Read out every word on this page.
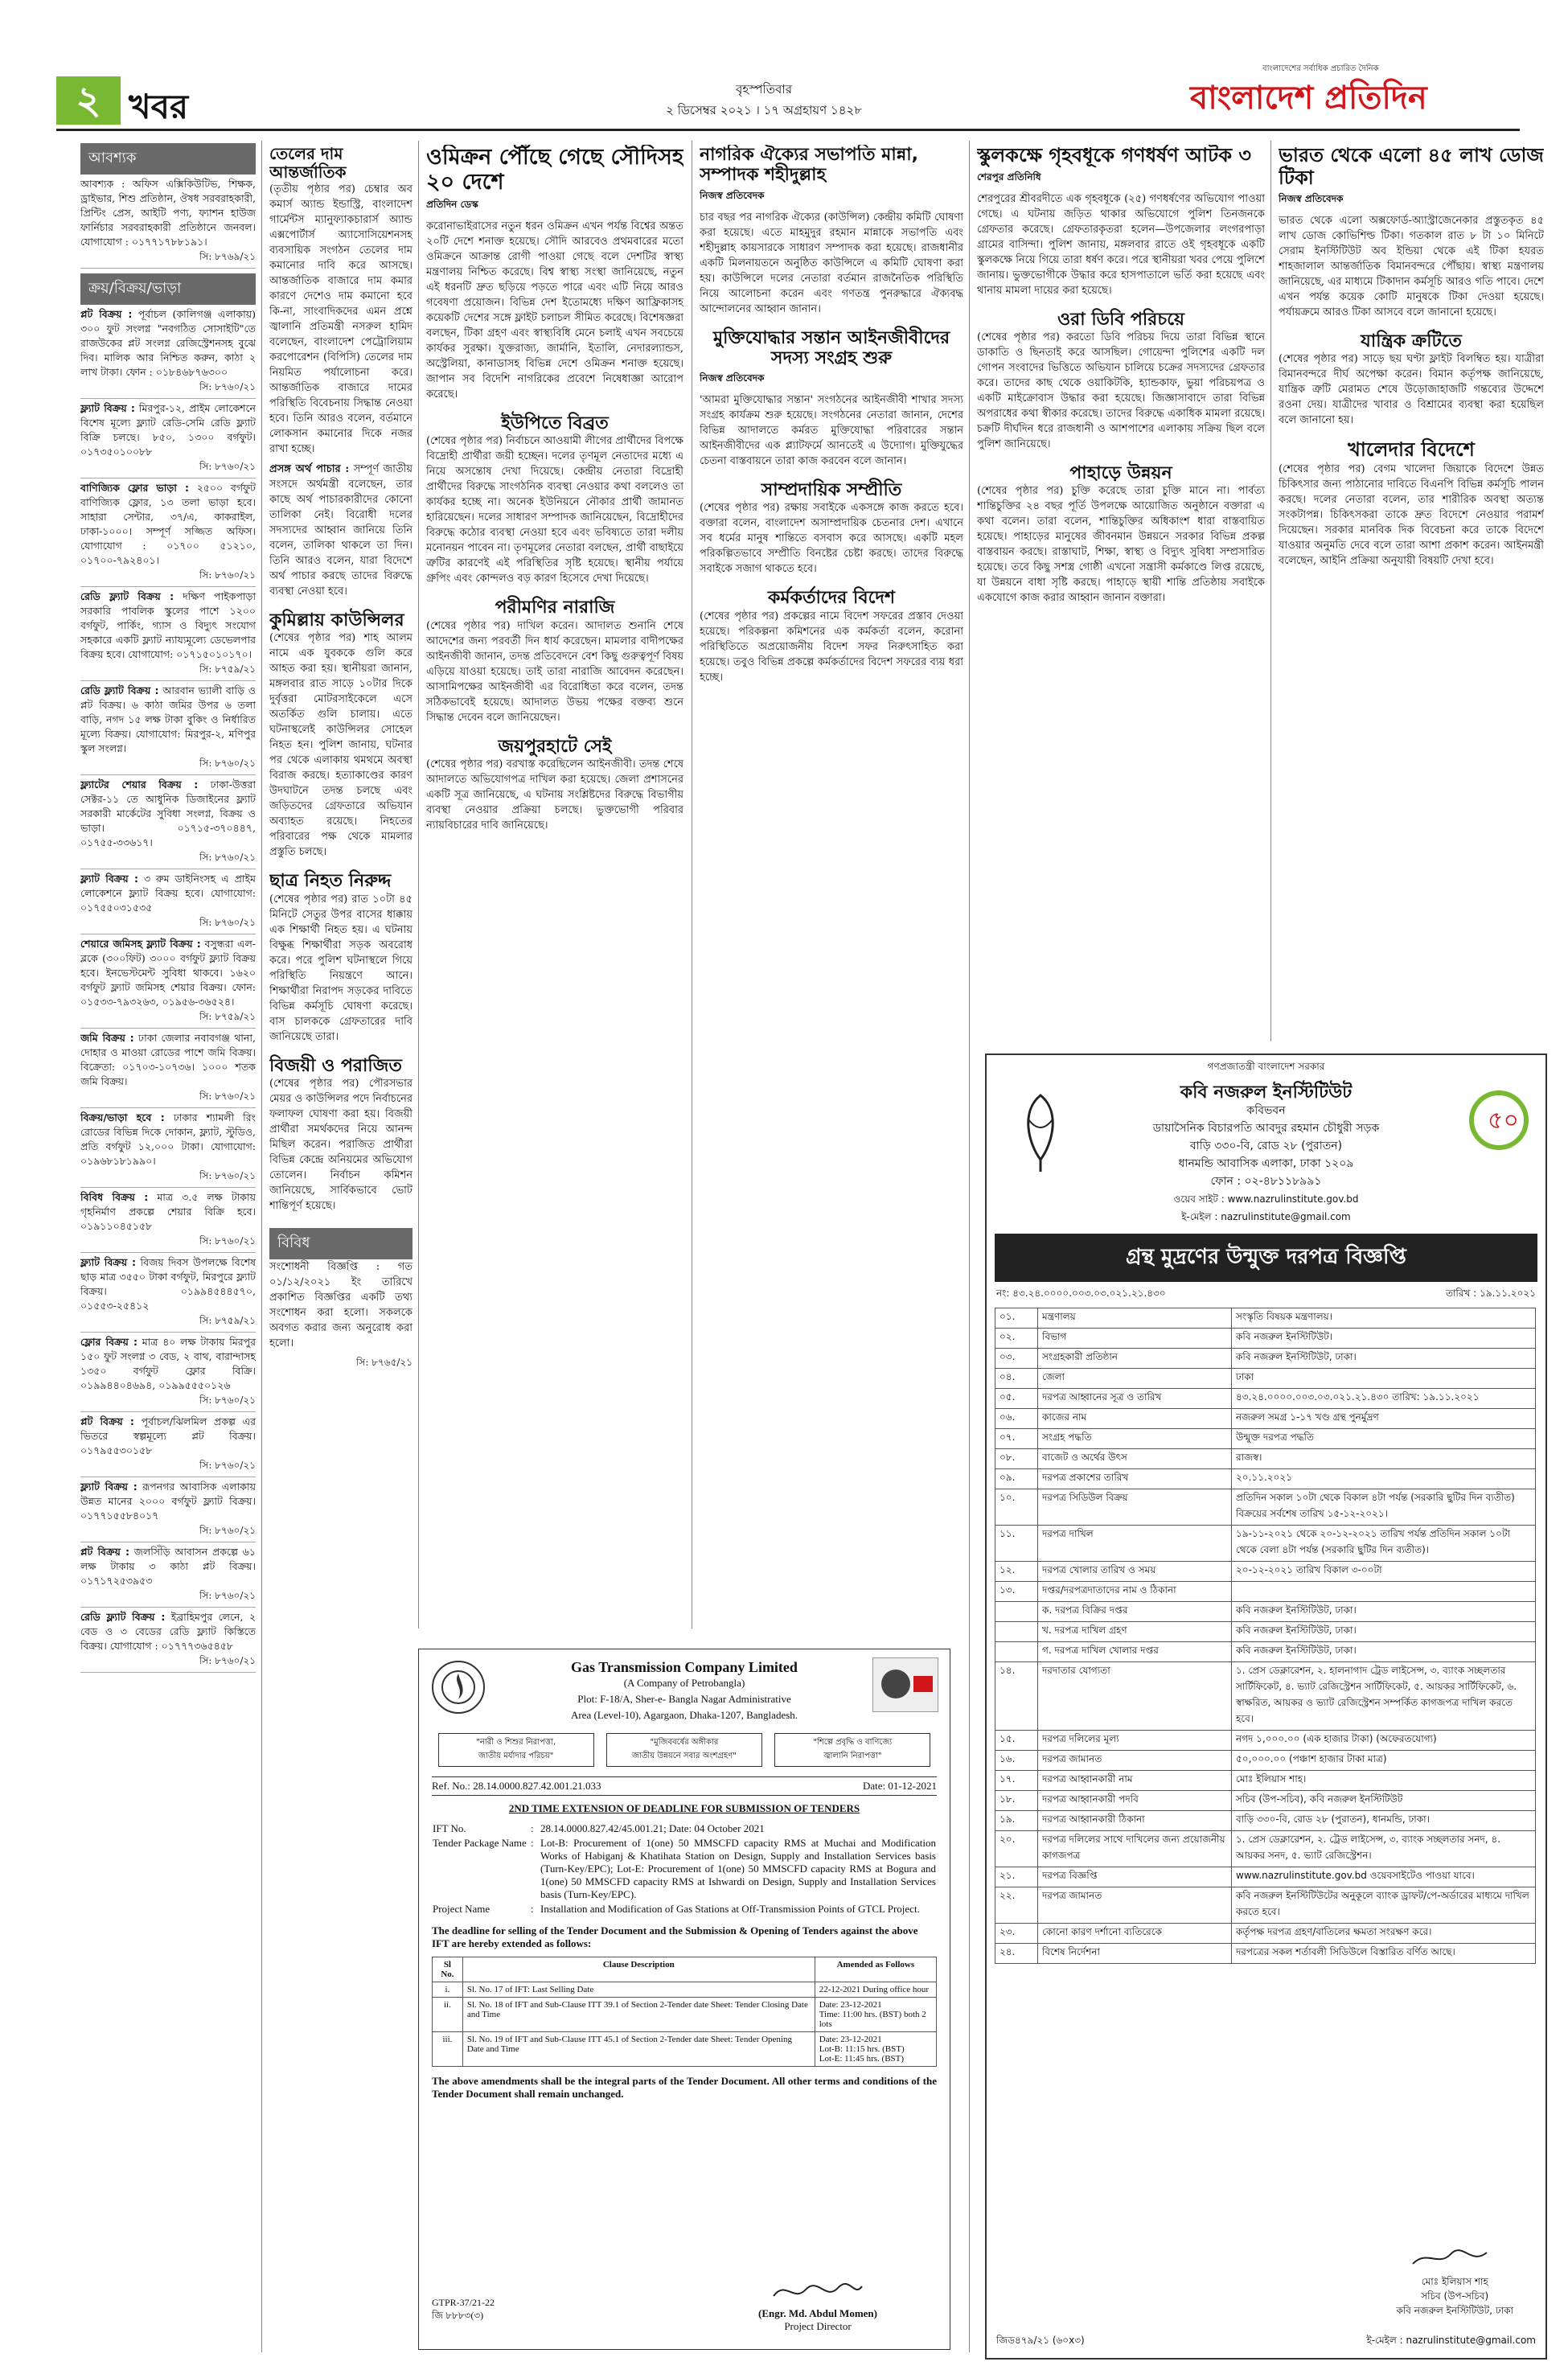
২ খবর	বৃহস্পতিবার
২ ডিসেম্বর ২০২১ । ১৭ অগ্রহায়ণ ১৪২৮
বাংলাদেশের সর্বাধিক প্রচারিত দৈনিক
বাংলাদেশ প্রতিদিন
আবশ্যক
আবশ্যক : অফিস এক্সিকিউটিভ, শিক্ষক, ড্রাইভার, শিশু প্রতিষ্ঠান, ঔষধ সরবরাহকারী, প্রিন্টিং প্রেস, আইটি পণ্য, ফ্যাশন হাউজ ফার্নিচার সরবরাহকারী প্রতিষ্ঠানে জনবল। যোগাযোগ : ০১৭৭১৭৮৮১৯১।
সি: ৮৭৬৯/২১
ক্রয়/বিক্রয়/ভাড়া
প্লট বিক্রয় : পূর্বাচল (কালিগঞ্জ এলাকায়) ৩০০ ফুট সংলগ্ন "নবগঠিত সোসাইটি"তে রাজউকের প্লট সংলগ্ন রেজিস্ট্রেশনসহ বুঝে দিব। মালিক আর নিশ্চিত করুন, কাঠা ২ লাখ টাকা। ফোন : ০১৮৪৬৮৭৬৩০০
সি: ৮৭৬০/২১
ফ্ল্যাট বিক্রয় : মিরপুর-১২, প্রাইম লোকেশনে বিশেষ মূল্যে ফ্ল্যাট রেডি-সেমি রেডি ফ্ল্যাট বিক্রি চলছে। ৮৫০, ১৩০০ বর্গফুট। ০১৭৩৫০১০০৮৮
সি: ৮৭৬০/২১
বাণিজ্যিক ফ্লোর ভাড়া : ২৫০০ বর্গফুট বাণিজ্যিক ফ্লোর, ১৩ তলা ভাড়া হবে। সাহারা সেন্টার, ৩৭/এ, কাকরাইল, ঢাকা-১০০০। সম্পূর্ণ সজ্জিত অফিস। যোগাযোগ : ০১৭০০ ৫১২১০, ০১৭০০-৭৯২৪০১।
সি: ৮৭৬০/২১
রেডি ফ্ল্যাট বিক্রয় : দক্ষিণ পাইকপাড়া সরকারি পাবলিক স্কুলের পাশে ১২০০ বর্গফুট, পার্কিং, গ্যাস ও বিদ্যুৎ সংযোগ সহকারে একটি ফ্ল্যাট ন্যায্যমূল্যে ডেভেলপার বিক্রয় হবে। যোগাযোগ: ০১৭১৫০১০১৭০।
সি: ৮৭৫৯/২১
রেডি ফ্ল্যাট বিক্রয় : আরবান ভ্যালী বাড়ি ও প্লট বিক্রয়। ৬ কাঠা জমির উপর ৬ তলা বাড়ি, নগদ ১৫ লক্ষ টাকা বুকিং ও নির্ধারিত মূল্যে বিক্রয়। যোগাযোগ: মিরপুর-২, মণিপুর স্কুল সংলগ্ন।
সি: ৮৭৬০/২১
ফ্ল্যাটের শেয়ার বিক্রয় : ঢাকা-উত্তরা সেক্টর-১১ তে আধুনিক ডিজাইনের ফ্ল্যাট সরকারী মার্কেটের সুবিধা সংলগ্ন, বিক্রয় ও ভাড়া। ০১৭১৫-৩৭০৪৪৭, ০১৭৫৫-৩৩৬১৭।
সি: ৮৭৬০/২১
ফ্ল্যাট বিক্রয় : ৩ রুম ডাইনিংসহ এ প্রাইম লোকেশনে ফ্ল্যাট বিক্রয় হবে। যোগাযোগ: ০১৭৫৫০৩১৫৩৫
সি: ৮৭৬০/২১
শেয়ারে জমিসহ ফ্ল্যাট বিক্রয় : বসুন্ধরা এল-ব্লকে (৩০০ফিট) ৩০০০ বর্গফুট ফ্ল্যাট বিক্রয় হবে। ইনভেস্টমেন্ট সুবিধা থাকবে। ১৬২০ বর্গফুট ফ্ল্যাট জমিসহ শেয়ার বিক্রয়। ফোন: ০১৫৩৩-৭৯৩২৬৩, ০১৯৫৬-৩৬৫২৪।
সি: ৮৭৫৯/২১
জমি বিক্রয় : ঢাকা জেলার নবাবগঞ্জ থানা, দোহার ও মাওয়া রোডের পাশে জমি বিক্রয়। বিক্রেতা: ০১৭০৩-১০৭৩৬। ১০০০ শতক জমি বিক্রয়।
সি: ৮৭৬০/২১
বিক্রয়/ভাড়া হবে : ঢাকার শ্যামলী রিং রোডের বিভিন্ন দিকে দোকান, ফ্ল্যাট, স্টুডিও, প্রতি বর্গফুট ১২,০০০ টাকা। যোগাযোগ: ০১৯৬৮১৮১৯৯০।
সি: ৮৭৬০/২১
বিবিধ বিক্রয় : মাত্র ৩.৫ লক্ষ টাকায় গৃহনির্মাণ প্রকল্পে শেয়ার বিক্রি হবে। ০১৯১১০৪৫১৫৮
সি: ৮৭৬০/২১
ফ্ল্যাট বিক্রয় : বিজয় দিবস উপলক্ষে বিশেষ ছাড় মাত্র ৩৫৫০ টাকা বর্গফুট, মিরপুরে ফ্ল্যাট বিক্রয়। ০১৯৯৪৫৪৪৫৭০, ০১৫৫৩-২৫৪১২
সি: ৮৭৫৯/২১
ফ্লোর বিক্রয় : মাত্র ৪০ লক্ষ টাকায় মিরপুর ১৫০ ফুট সংলগ্ন ৩ বেড, ২ বাথ, বারান্দাসহ ১৩৫০ বর্গফুট ফ্লোর বিক্রি। ০১৯৯৪৪০৪৬৯৪, ০১৯৯৫৫৫০১২৬
সি: ৮৭৬০/২১
প্লট বিক্রয় : পূর্বাচল/ঝিলমিল প্রকল্প এর ভিতরে স্বল্পমূল্যে প্লট বিক্রয়। ০১৭৯৫৫৩০১৫৮
সি: ৮৭৬০/২১
ফ্ল্যাট বিক্রয় : রূপনগর আবাসিক এলাকায় উন্নত মানের ২০০০ বর্গফুট ফ্ল্যাট বিক্রয়। ০১৭৭১৫৫৮৪০১৭
সি: ৮৭৬০/২১
প্লট বিক্রয় : জলসিঁড়ি আবাসন প্রকল্পে ৬১ লক্ষ টাকায় ৩ কাঠা প্লট বিক্রয়। ০১৭১৭২৫৩৯৫৩
সি: ৮৭৬০/২১
রেডি ফ্ল্যাট বিক্রয় : ইব্রাহিমপুর লেনে, ২ বেড ও ৩ বেডের রেডি ফ্ল্যাট কিস্তিতে বিক্রয়। যোগাযোগ : ০১৭৭৭৩৬৫৪৫৮
সি: ৮৭৬০/২১
তেলের দাম আন্তর্জাতিক

(তৃতীয় পৃষ্ঠার পর) চেম্বার অব কমার্স অ্যান্ড ইন্ডাস্ট্রি, বাংলাদেশ গার্মেন্টস ম্যানুফ্যাকচারার্স অ্যান্ড এক্সপোর্টার্স অ্যাসোসিয়েশনসহ ব্যবসায়িক সংগঠন তেলের দাম কমানোর দাবি করে আসছে। আন্তর্জাতিক বাজারে দাম কমার কারণে দেশেও দাম কমানো হবে কি-না, সাংবাদিকদের এমন প্রশ্নে জ্বালানি প্রতিমন্ত্রী নসরুল হামিদ বলেছেন, বাংলাদেশ পেট্রোলিয়াম করপোরেশন (বিপিসি) তেলের দাম নিয়মিত পর্যালোচনা করে। আন্তর্জাতিক বাজারে দামের পরিস্থিতি বিবেচনায় সিদ্ধান্ত নেওয়া হবে। তিনি আরও বলেন, বর্তমানে লোকসান কমানোর দিকে নজর রাখা হচ্ছে।

প্রসঙ্গ অর্থ পাচার : সম্পূর্ণ জাতীয় সংসদে অর্থমন্ত্রী বলেছেন, তার কাছে অর্থ পাচারকারীদের কোনো তালিকা নেই। বিরোধী দলের সদস্যদের আহ্বান জানিয়ে তিনি বলেন, তালিকা থাকলে তা দিন। তিনি আরও বলেন, যারা বিদেশে অর্থ পাচার করছে তাদের বিরুদ্ধে ব্যবস্থা নেওয়া হবে।

কুমিল্লায় কাউন্সিলর

(শেষের পৃষ্ঠার পর) শাহ আলম নামে এক যুবককে গুলি করে আহত করা হয়। স্থানীয়রা জানান, মঙ্গলবার রাত সাড়ে ১০টার দিকে দুর্বৃত্তরা মোটরসাইকেলে এসে অতর্কিত গুলি চালায়। এতে ঘটনাস্থলেই কাউন্সিলর সোহেল নিহত হন। পুলিশ জানায়, ঘটনার পর থেকে এলাকায় থমথমে অবস্থা বিরাজ করছে। হত্যাকাণ্ডের কারণ উদঘাটনে তদন্ত চলছে এবং জড়িতদের গ্রেফতারে অভিযান অব্যাহত রয়েছে। নিহতের পরিবারের পক্ষ থেকে মামলার প্রস্তুতি চলছে।

ছাত্র নিহত নিরুদ্দ

(শেষের পৃষ্ঠার পর) রাত ১০টা ৪৫ মিনিটে সেতুর উপর বাসের ধাক্কায় এক শিক্ষার্থী নিহত হয়। এ ঘটনায় বিক্ষুব্ধ শিক্ষার্থীরা সড়ক অবরোধ করে। পরে পুলিশ ঘটনাস্থলে গিয়ে পরিস্থিতি নিয়ন্ত্রণে আনে। শিক্ষার্থীরা নিরাপদ সড়কের দাবিতে বিভিন্ন কর্মসূচি ঘোষণা করেছে। বাস চালককে গ্রেফতারের দাবি জানিয়েছে তারা।

বিজয়ী ও পরাজিত

(শেষের পৃষ্ঠার পর) পৌরসভার মেয়র ও কাউন্সিলর পদে নির্বাচনের ফলাফল ঘোষণা করা হয়। বিজয়ী প্রার্থীরা সমর্থকদের নিয়ে আনন্দ মিছিল করেন। পরাজিত প্রার্থীরা বিভিন্ন কেন্দ্রে অনিয়মের অভিযোগ তোলেন। নির্বাচন কমিশন জানিয়েছে, সার্বিকভাবে ভোট শান্তিপূর্ণ হয়েছে।

বিবিধ

সংশোধনী বিজ্ঞপ্তি : গত ০১/১২/২০২১ ইং তারিখে প্রকাশিত বিজ্ঞপ্তির একটি তথ্য সংশোধন করা হলো। সকলকে অবগত করার জন্য অনুরোধ করা হলো।

সি: ৮৭৬৫/২১
ওমিক্রন পৌঁছে গেছে সৌদিসহ ২০ দেশে
প্রতিদিন ডেস্ক

করোনাভাইরাসের নতুন ধরন ওমিক্রন এখন পর্যন্ত বিশ্বের অন্তত ২০টি দেশে শনাক্ত হয়েছে। সৌদি আরবেও প্রথমবারের মতো ওমিক্রনে আক্রান্ত রোগী পাওয়া গেছে বলে দেশটির স্বাস্থ্য মন্ত্রণালয় নিশ্চিত করেছে। বিশ্ব স্বাস্থ্য সংস্থা জানিয়েছে, নতুন এই ধরনটি দ্রুত ছড়িয়ে পড়তে পারে এবং এটি নিয়ে আরও গবেষণা প্রয়োজন। বিভিন্ন দেশ ইতোমধ্যে দক্ষিণ আফ্রিকাসহ কয়েকটি দেশের সঙ্গে ফ্লাইট চলাচল সীমিত করেছে। বিশেষজ্ঞরা বলছেন, টিকা গ্রহণ এবং স্বাস্থ্যবিধি মেনে চলাই এখন সবচেয়ে কার্যকর সুরক্ষা। যুক্তরাজ্য, জার্মানি, ইতালি, নেদারল্যান্ডস, অস্ট্রেলিয়া, কানাডাসহ বিভিন্ন দেশে ওমিক্রন শনাক্ত হয়েছে। জাপান সব বিদেশি নাগরিকের প্রবেশে নিষেধাজ্ঞা আরোপ করেছে।

ইউপিতে বিব্রত

(শেষের পৃষ্ঠার পর) নির্বাচনে আওয়ামী লীগের প্রার্থীদের বিপক্ষে বিদ্রোহী প্রার্থীরা জয়ী হচ্ছেন। দলের তৃণমূল নেতাদের মধ্যে এ নিয়ে অসন্তোষ দেখা দিয়েছে। কেন্দ্রীয় নেতারা বিদ্রোহী প্রার্থীদের বিরুদ্ধে সাংগঠনিক ব্যবস্থা নেওয়ার কথা বললেও তা কার্যকর হচ্ছে না। অনেক ইউনিয়নে নৌকার প্রার্থী জামানত হারিয়েছেন। দলের সাধারণ সম্পাদক জানিয়েছেন, বিদ্রোহীদের বিরুদ্ধে কঠোর ব্যবস্থা নেওয়া হবে এবং ভবিষ্যতে তারা দলীয় মনোনয়ন পাবেন না। তৃণমূলের নেতারা বলছেন, প্রার্থী বাছাইয়ে ত্রুটির কারণেই এই পরিস্থিতির সৃষ্টি হয়েছে। স্থানীয় পর্যায়ে গ্রুপিং এবং কোন্দলও বড় কারণ হিসেবে দেখা দিয়েছে।

পরীমণির নারাজি

(শেষের পৃষ্ঠার পর) দাখিল করেন। আদালত শুনানি শেষে আদেশের জন্য পরবর্তী দিন ধার্য করেছেন। মামলার বাদীপক্ষের আইনজীবী জানান, তদন্ত প্রতিবেদনে বেশ কিছু গুরুত্বপূর্ণ বিষয় এড়িয়ে যাওয়া হয়েছে। তাই তারা নারাজি আবেদন করেছেন। আসামিপক্ষের আইনজীবী এর বিরোধিতা করে বলেন, তদন্ত সঠিকভাবেই হয়েছে। আদালত উভয় পক্ষের বক্তব্য শুনে সিদ্ধান্ত দেবেন বলে জানিয়েছেন।

জয়পুরহাটে সেই

(শেষের পৃষ্ঠার পর) বরখাস্ত করেছিলেন আইনজীবী। তদন্ত শেষে আদালতে অভিযোগপত্র দাখিল করা হয়েছে। জেলা প্রশাসনের একটি সূত্র জানিয়েছে, এ ঘটনায় সংশ্লিষ্টদের বিরুদ্ধে বিভাগীয় ব্যবস্থা নেওয়ার প্রক্রিয়া চলছে। ভুক্তভোগী পরিবার ন্যায়বিচারের দাবি জানিয়েছে।

নাগরিক ঐক্যের সভাপতি মান্না, সম্পাদক শহীদুল্লাহ
নিজস্ব প্রতিবেদক

চার বছর পর নাগরিক ঐক্যের (কাউন্সিল) কেন্দ্রীয় কমিটি ঘোষণা করা হয়েছে। এতে মাহমুদুর রহমান মান্নাকে সভাপতি এবং শহীদুল্লাহ কায়সারকে সাধারণ সম্পাদক করা হয়েছে। রাজধানীর একটি মিলনায়তনে অনুষ্ঠিত কাউন্সিলে এ কমিটি ঘোষণা করা হয়। কাউন্সিলে দলের নেতারা বর্তমান রাজনৈতিক পরিস্থিতি নিয়ে আলোচনা করেন এবং গণতন্ত্র পুনরুদ্ধারে ঐক্যবদ্ধ আন্দোলনের আহ্বান জানান।

মুক্তিযোদ্ধার সন্তান আইনজীবীদের সদস্য সংগ্রহ শুরু
নিজস্ব প্রতিবেদক

'আমরা মুক্তিযোদ্ধার সন্তান' সংগঠনের আইনজীবী শাখার সদস্য সংগ্রহ কার্যক্রম শুরু হয়েছে। সংগঠনের নেতারা জানান, দেশের বিভিন্ন আদালতে কর্মরত মুক্তিযোদ্ধা পরিবারের সন্তান আইনজীবীদের এক প্ল্যাটফর্মে আনতেই এ উদ্যোগ। মুক্তিযুদ্ধের চেতনা বাস্তবায়নে তারা কাজ করবেন বলে জানান।

সাম্প্রদায়িক সম্প্রীতি

(শেষের পৃষ্ঠার পর) রক্ষায় সবাইকে একসঙ্গে কাজ করতে হবে। বক্তারা বলেন, বাংলাদেশ অসাম্প্রদায়িক চেতনার দেশ। এখানে সব ধর্মের মানুষ শান্তিতে বসবাস করে আসছে। একটি মহল পরিকল্পিতভাবে সম্প্রীতি বিনষ্টের চেষ্টা করছে। তাদের বিরুদ্ধে সবাইকে সজাগ থাকতে হবে।

কর্মকর্তাদের বিদেশ

(শেষের পৃষ্ঠার পর) প্রকল্পের নামে বিদেশ সফরের প্রস্তাব দেওয়া হয়েছে। পরিকল্পনা কমিশনের এক কর্মকর্তা বলেন, করোনা পরিস্থিতিতে অপ্রয়োজনীয় বিদেশ সফর নিরুৎসাহিত করা হয়েছে। তবুও বিভিন্ন প্রকল্পে কর্মকর্তাদের বিদেশ সফরের ব্যয় ধরা হচ্ছে।

স্কুলকক্ষে গৃহবধূকে গণধর্ষণ আটক ৩
শেরপুর প্রতিনিধি

শেরপুরের শ্রীবরদীতে এক গৃহবধূকে (২৫) গণধর্ষণের অভিযোগ পাওয়া গেছে। এ ঘটনায় জড়িত থাকার অভিযোগে পুলিশ তিনজনকে গ্রেফতার করেছে। গ্রেফতারকৃতরা হলেন—উপজেলার লংগরপাড়া গ্রামের বাসিন্দা। পুলিশ জানায়, মঙ্গলবার রাতে ওই গৃহবধূকে একটি স্কুলকক্ষে নিয়ে গিয়ে তারা ধর্ষণ করে। পরে স্থানীয়রা খবর পেয়ে পুলিশে জানায়। ভুক্তভোগীকে উদ্ধার করে হাসপাতালে ভর্তি করা হয়েছে এবং থানায় মামলা দায়ের করা হয়েছে।

ওরা ডিবি পরিচয়ে

(শেষের পৃষ্ঠার পর) করতো ডিবি পরিচয় দিয়ে তারা বিভিন্ন স্থানে ডাকাতি ও ছিনতাই করে আসছিল। গোয়েন্দা পুলিশের একটি দল গোপন সংবাদের ভিত্তিতে অভিযান চালিয়ে চক্রের সদস্যদের গ্রেফতার করে। তাদের কাছ থেকে ওয়াকিটকি, হ্যান্ডকাফ, ভুয়া পরিচয়পত্র ও একটি মাইক্রোবাস উদ্ধার করা হয়েছে। জিজ্ঞাসাবাদে তারা বিভিন্ন অপরাধের কথা স্বীকার করেছে। তাদের বিরুদ্ধে একাধিক মামলা রয়েছে। চক্রটি দীর্ঘদিন ধরে রাজধানী ও আশপাশের এলাকায় সক্রিয় ছিল বলে পুলিশ জানিয়েছে।

পাহাড়ে উন্নয়ন

(শেষের পৃষ্ঠার পর) চুক্তি করেছে তারা চুক্তি মানে না। পার্বত্য শান্তিচুক্তির ২৪ বছর পূর্তি উপলক্ষে আয়োজিত অনুষ্ঠানে বক্তারা এ কথা বলেন। তারা বলেন, শান্তিচুক্তির অধিকাংশ ধারা বাস্তবায়িত হয়েছে। পাহাড়ের মানুষের জীবনমান উন্নয়নে সরকার বিভিন্ন প্রকল্প বাস্তবায়ন করছে। রাস্তাঘাট, শিক্ষা, স্বাস্থ্য ও বিদ্যুৎ সুবিধা সম্প্রসারিত হয়েছে। তবে কিছু সশস্ত্র গোষ্ঠী এখনো সন্ত্রাসী কর্মকাণ্ডে লিপ্ত রয়েছে, যা উন্নয়নে বাধা সৃষ্টি করছে। পাহাড়ে স্থায়ী শান্তি প্রতিষ্ঠায় সবাইকে একযোগে কাজ করার আহ্বান জানান বক্তারা।

ভারত থেকে এলো ৪৫ লাখ ডোজ টিকা
নিজস্ব প্রতিবেদক

ভারত থেকে এলো অক্সফোর্ড-অ্যাস্ট্রাজেনেকার প্রস্তুতকৃত ৪৫ লাখ ডোজ কোভিশিল্ড টিকা। গতকাল রাত ৮ টা ১০ মিনিটে সেরাম ইনস্টিটিউট অব ইন্ডিয়া থেকে এই টিকা হযরত শাহজালাল আন্তর্জাতিক বিমানবন্দরে পৌঁছায়। স্বাস্থ্য মন্ত্রণালয় জানিয়েছে, এর মাধ্যমে টিকাদান কর্মসূচি আরও গতি পাবে। দেশে এখন পর্যন্ত কয়েক কোটি মানুষকে টিকা দেওয়া হয়েছে। পর্যায়ক্রমে আরও টিকা আসবে বলে জানানো হয়েছে।

যান্ত্রিক ক্রটিতে

(শেষের পৃষ্ঠার পর) সাড়ে ছয় ঘণ্টা ফ্লাইট বিলম্বিত হয়। যাত্রীরা বিমানবন্দরে দীর্ঘ অপেক্ষা করেন। বিমান কর্তৃপক্ষ জানিয়েছে, যান্ত্রিক ত্রুটি মেরামত শেষে উড়োজাহাজটি গন্তব্যের উদ্দেশে রওনা দেয়। যাত্রীদের খাবার ও বিশ্রামের ব্যবস্থা করা হয়েছিল বলে জানানো হয়।

খালেদার বিদেশে

(শেষের পৃষ্ঠার পর) বেগম খালেদা জিয়াকে বিদেশে উন্নত চিকিৎসার জন্য পাঠানোর দাবিতে বিএনপি বিভিন্ন কর্মসূচি পালন করছে। দলের নেতারা বলেন, তার শারীরিক অবস্থা অত্যন্ত সংকটাপন্ন। চিকিৎসকরা তাকে দ্রুত বিদেশে নেওয়ার পরামর্শ দিয়েছেন। সরকার মানবিক দিক বিবেচনা করে তাকে বিদেশে যাওয়ার অনুমতি দেবে বলে তারা আশা প্রকাশ করেন। আইনমন্ত্রী বলেছেন, আইনি প্রক্রিয়া অনুযায়ী বিষয়টি দেখা হবে।

Gas Transmission Company Limited
(A Company of Petrobangla)
Plot: F-18/A, Sher-e- Bangla Nagar Administrative
Area (Level-10), Agargaon, Dhaka-1207, Bangladesh.
"নারী ও শিশুর নিরাপত্তা,
জাতীয় মর্যাদার পরিচয়"
"মুজিববর্ষের অঙ্গীকার
জাতীয় উন্নয়নে সবার অংশগ্রহণ"
"শিল্পে প্রবৃদ্ধি ও বাণিজ্যে
জ্বালানি নিরাপত্তা"
Ref. No.: 28.14.0000.827.42.001.21.033	Date: 01-12-2021
2ND TIME EXTENSION OF DEADLINE FOR SUBMISSION OF TENDERS
IFT No.	:	28.14.0000.827.42/45.001.21; Date: 04 October 2021
Tender Package Name	:	Lot-B: Procurement of 1(one) 50 MMSCFD capacity RMS at Muchai and Modification Works of Habiganj & Khatihata Station on Design, Supply and Installation Services basis (Turn-Key/EPC); Lot-E: Procurement of 1(one) 50 MMSCFD capacity RMS at Bogura and 1(one) 50 MMSCFD capacity RMS at Ishwardi on Design, Supply and Installation Services basis (Turn-Key/EPC).
Project Name	:	Installation and Modification of Gas Stations at Off-Transmission Points of GTCL Project.
The deadline for selling of the Tender Document and the Submission & Opening of Tenders against the above IFT are hereby extended as follows:
Sl No.	Clause Description	Amended as Follows
i.	Sl. No. 17 of IFT: Last Selling Date	22-12-2021 During office hour
ii.	Sl. No. 18 of IFT and Sub-Clause ITT 39.1 of Section 2-Tender date Sheet: Tender Closing Date and Time	Date: 23-12-2021
Time: 11:00 hrs. (BST) both 2 lots
iii.	Sl. No. 19 of IFT and Sub-Clause ITT 45.1 of Section 2-Tender date Sheet: Tender Opening Date and Time	Date: 23-12-2021
Lot-B: 11:15 hrs. (BST)
Lot-E: 11:45 hrs. (BST)
The above amendments shall be the integral parts of the Tender Document. All other terms and conditions of the Tender Document shall remain unchanged.
GTPR-37/21-22
জি ৮৮৮৩(৩)	(Engr. Md. Abdul Momen)
Project Director
গণপ্রজাতন্ত্রী বাংলাদেশ সরকার
৫০
কবি নজরুল ইনস্টিটিউট
কবিভবন
ডায়াসৈনিক বিচারপতি আবদুর রহমান চৌধুরী সড়ক
বাড়ি ৩৩০-বি, রোড ২৮ (পুরাতন)
ধানমন্ডি আবাসিক এলাকা, ঢাকা ১২০৯
ফোন : ০২-৪৮১১৮৯৯১
ওয়েব সাইট : www.nazrulinstitute.gov.bd
ই-মেইল : nazrulinstitute@gmail.com
গ্রন্থ মুদ্রণের উন্মুক্ত দরপত্র বিজ্ঞপ্তি
নং: ৪৩.২৪.০০০০.০০৩.০৩.০২১.২১.৪৩০	তারিখ : ১৯.১১.২০২১
০১.	মন্ত্রণালয়	সংস্কৃতি বিষয়ক মন্ত্রণালয়।
০২.	বিভাগ	কবি নজরুল ইনস্টিটিউট।
০৩.	সংগ্রহকারী প্রতিষ্ঠান	কবি নজরুল ইনস্টিটিউট, ঢাকা।
০৪.	জেলা	ঢাকা
০৫.	দরপত্র আহ্বানের সূত্র ও তারিখ	৪৩.২৪.০০০০.০০৩.০৩.০২১.২১.৪৩০ তারিখ: ১৯.১১.২০২১
০৬.	কাজের নাম	নজরুল সমগ্র ১-১৭ খণ্ড গ্রন্থ পুনর্মুদ্রণ
০৭.	সংগ্রহ পদ্ধতি	উন্মুক্ত দরপত্র পদ্ধতি
০৮.	বাজেট ও অর্থের উৎস	রাজস্ব।
০৯.	দরপত্র প্রকাশের তারিখ	২০.১১.২০২১
১০.	দরপত্র সিডিউল বিক্রয়	প্রতিদিন সকাল ১০টা থেকে বিকাল ৪টা পর্যন্ত (সরকারি ছুটির দিন ব্যতীত) বিক্রয়ের সর্বশেষ তারিখ ১৫-১২-২০২১।
১১.	দরপত্র দাখিল	১৯-১১-২০২১ থেকে ২০-১২-২০২১ তারিখ পর্যন্ত প্রতিদিন সকাল ১০টা থেকে বেলা ৪টা পর্যন্ত (সরকারি ছুটির দিন ব্যতীত)।
১২.	দরপত্র খোলার তারিখ ও সময়	২০-১২-২০২১ তারিখ বিকাল ৩-০০টা
১৩.	দপ্তর/দরপত্রদাতাদের নাম ও ঠিকানা	
	ক. দরপত্র বিক্রির দপ্তর	কবি নজরুল ইনস্টিটিউট, ঢাকা।
	খ. দরপত্র দাখিল গ্রহণ	কবি নজরুল ইনস্টিটিউট, ঢাকা।
	গ. দরপত্র দাখিল খোলার দপ্তর	কবি নজরুল ইনস্টিটিউট, ঢাকা।
১৪.	দরদাতার যোগ্যতা	১. প্রেস ডেক্লারেশন, ২. হালনাগাদ ট্রেড লাইসেন্স, ৩. ব্যাংক সচ্ছলতার সার্টিফিকেট, ৪. ভ্যাট রেজিস্ট্রেশন সার্টিফিকেট, ৫. আয়কর সার্টিফিকেট, ৬. স্বাক্ষরিত, আয়কর ও ভ্যাট রেজিস্ট্রেশন সম্পর্কিত কাগজপত্র দাখিল করতে হবে।
১৫.	দরপত্র দলিলের মূল্য	নগদ ১,০০০.০০ (এক হাজার টাকা) (অফেরতযোগ্য)
১৬.	দরপত্র জামানত	৫০,০০০.০০ (পঞ্চাশ হাজার টাকা মাত্র)
১৭.	দরপত্র আহ্বানকারী নাম	মোঃ ইলিয়াস শাহ।
১৮.	দরপত্র আহ্বানকারী পদবি	সচিব (উপ-সচিব), কবি নজরুল ইনস্টিটিউট
১৯.	দরপত্র আহ্বানকারী ঠিকানা	বাড়ি ৩৩০-বি, রোড ২৮ (পুরাতন), ধানমন্ডি, ঢাকা।
২০.	দরপত্র দলিলের সাথে দাখিলের জন্য প্রয়োজনীয় কাগজপত্র	১. প্রেস ডেক্লারেশন, ২. ট্রেড লাইসেন্স, ৩. ব্যাংক সচ্ছলতার সনদ, ৪. আয়কর সনদ, ৫. ভ্যাট রেজিস্ট্রেশন।
২১.	দরপত্র বিজ্ঞপ্তি	www.nazrulinstitute.gov.bd ওয়েবসাইটেও পাওয়া যাবে।
২২.	দরপত্র জামানত	কবি নজরুল ইনস্টিটিউটের অনুকূলে ব্যাংক ড্রাফট/পে-অর্ডারের মাধ্যমে দাখিল করতে হবে।
২৩.	কোনো কারণ দর্শানো ব্যতিরেকে	কর্তৃপক্ষ দরপত্র গ্রহণ/বাতিলের ক্ষমতা সংরক্ষণ করে।
২৪.	বিশেষ নির্দেশনা	দরপত্রের সকল শর্তাবলী সিডিউলে বিস্তারিত বর্ণিত আছে।
মোঃ ইলিয়াস শাহ
সচিব (উপ-সচিব)
কবি নজরুল ইনস্টিটিউট, ঢাকা
জিড৪৭৯/২১ (৬০x৩)	ই-মেইল : nazrulinstitute@gmail.com
